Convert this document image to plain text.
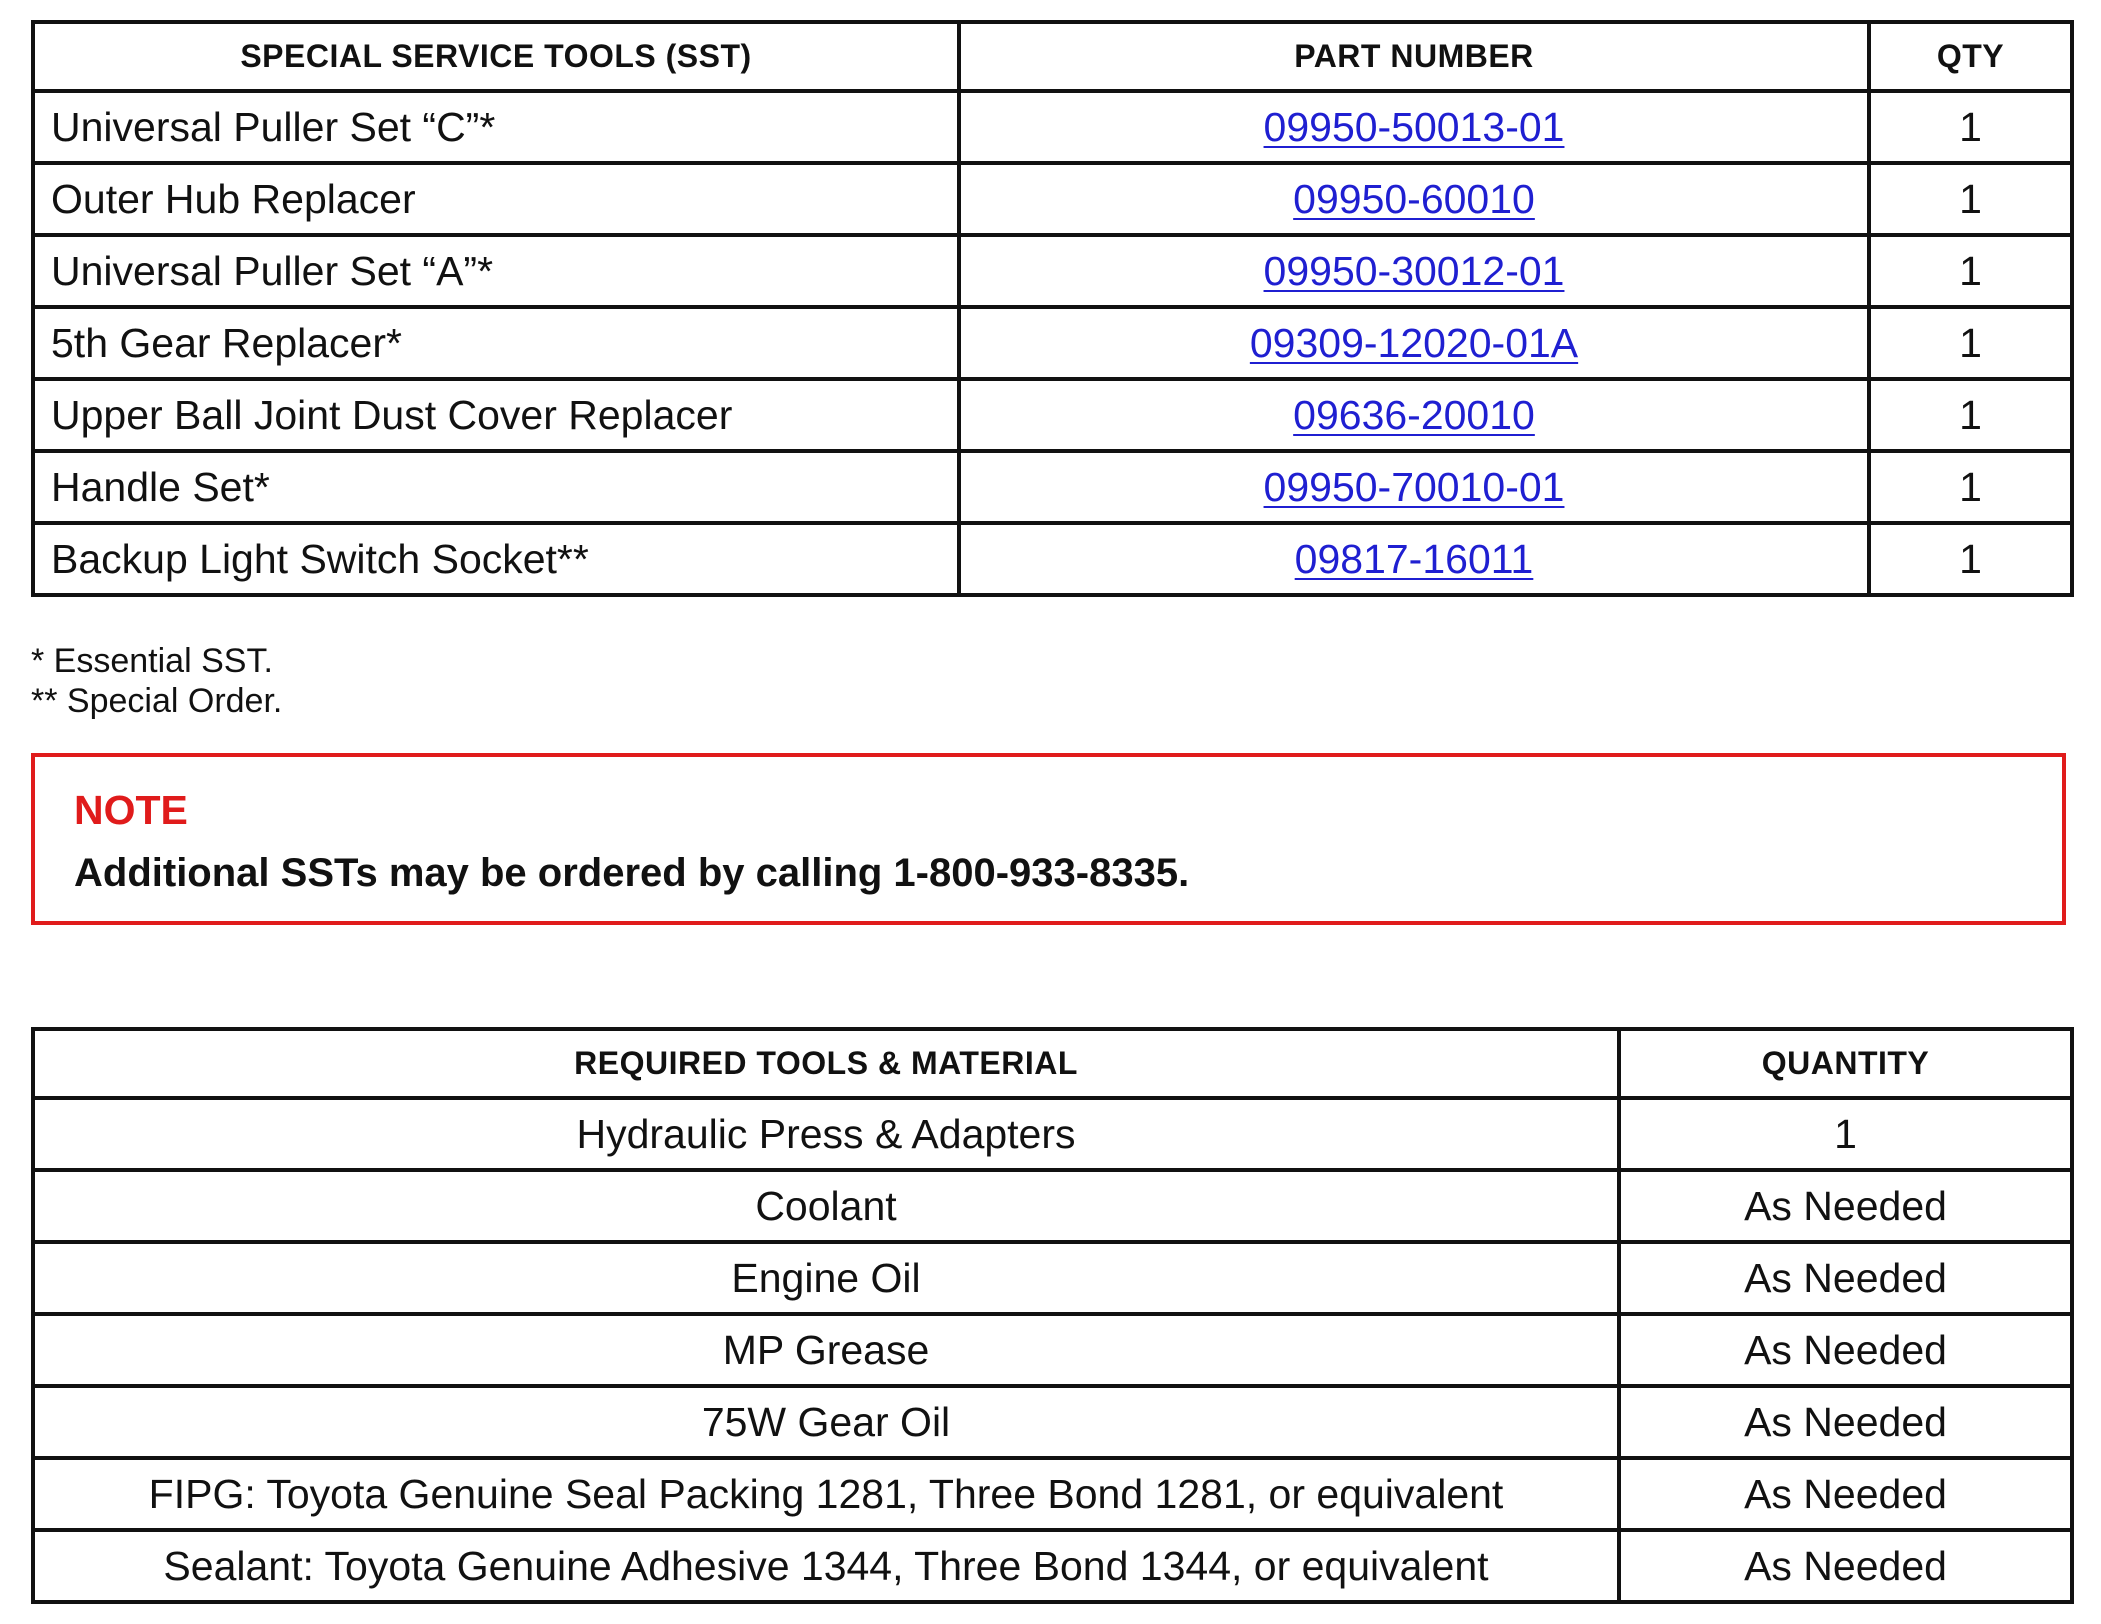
SPECIAL SERVICE TOOLS (SST)	PART NUMBER	QTY
Universal Puller Set “C”*	09950-50013-01	1
Outer Hub Replacer	09950-60010	1
Universal Puller Set “A”*	09950-30012-01	1
5th Gear Replacer*	09309-12020-01A	1
Upper Ball Joint Dust Cover Replacer	09636-20010	1
Handle Set*	09950-70010-01	1
Backup Light Switch Socket**	09817-16011	1
* Essential SST.
** Special Order.
NOTE
Additional SSTs may be ordered by calling 1-800-933-8335.
REQUIRED TOOLS & MATERIAL	QUANTITY
Hydraulic Press & Adapters	1
Coolant	As Needed
Engine Oil	As Needed
MP Grease	As Needed
75W Gear Oil	As Needed
FIPG: Toyota Genuine Seal Packing 1281, Three Bond 1281, or equivalent	As Needed
Sealant: Toyota Genuine Adhesive 1344, Three Bond 1344, or equivalent	As Needed
